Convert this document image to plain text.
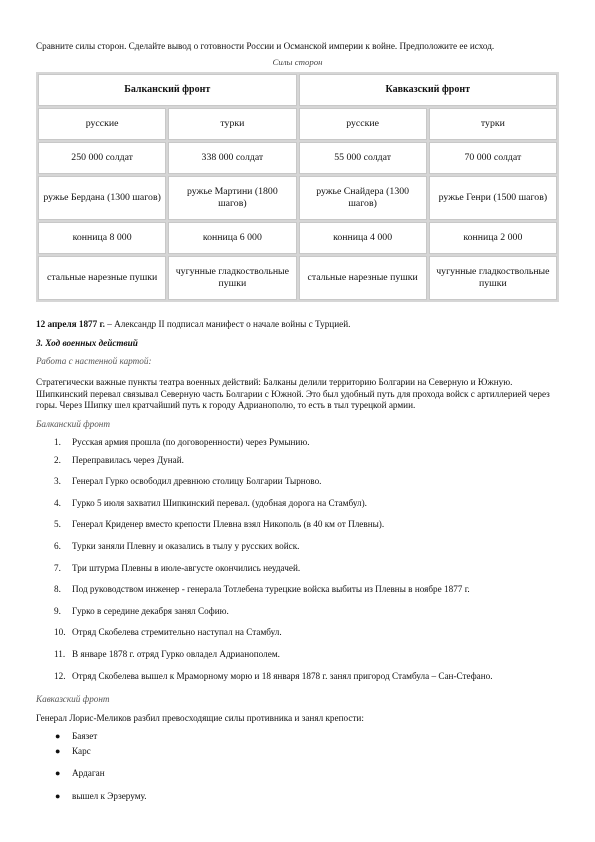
Сравните силы сторон. Сделайте вывод о готовности России и Османской империи к войне. Предположите ее исход.
Силы сторон
Балканский фронт		Кавказский фронт	
русские	турки	русские	турки
250 000 солдат	338 000 солдат	55 000 солдат	70 000 солдат
ружье Бердана (1300 шагов)	ружье Мартини (1800 шагов)	ружье Снайдера (1300 шагов)	ружье Генри (1500 шагов)
конница 8 000	конница 6 000	конница 4 000	конница 2 000
стальные нарезные пушки	чугунные гладкоствольные пушки	стальные нарезные пушки	чугунные гладкоствольные пушки
12 апреля 1877 г. – Александр II подписал манифест о начале войны с Турцией.
3. Ход военных действий
Работа с настенной картой:
Стратегически важные пункты театра военных действий: Балканы делили территорию Болгарии на Северную и Южную. Шипкинский перевал связывал Северную часть Болгарии с Южной. Это был удобный путь для прохода войск с артиллерией через горы. Через Шипку шел кратчайший путь к городу Адрианополю, то есть в тыл турецкой армии.
Балканский фронт
1. Русская армия прошла (по договоренности) через Румынию.
2. Переправилась через Дунай.
3. Генерал Гурко освободил древнюю столицу Болгарии Тырново.
4. Гурко 5 июля захватил Шипкинский перевал. (удобная дорога на Стамбул).
5. Генерал Криденер вместо крепости Плевна взял Никополь (в 40 км от Плевны).
6. Турки заняли Плевну и оказались в тылу у русских войск.
7. Три штурма Плевны в июле-августе окончились неудачей.
8. Под руководством инженер - генерала Тотлебена турецкие войска выбиты из Плевны в ноябре 1877 г.
9. Гурко в середине декабря занял Софию.
10. Отряд Скобелева стремительно наступал на Стамбул.
11. В январе 1878 г. отряд Гурко овладел Адрианополем.
12. Отряд Скобелева вышел к Мраморному морю и 18 января 1878 г. занял пригород Стамбула – Сан-Стефано.
Кавказский фронт
Генерал Лорис-Меликов разбил превосходящие силы противника и занял крепости:
● Баязет
● Карс
● Ардаган
● вышел к Эрзеруму.
